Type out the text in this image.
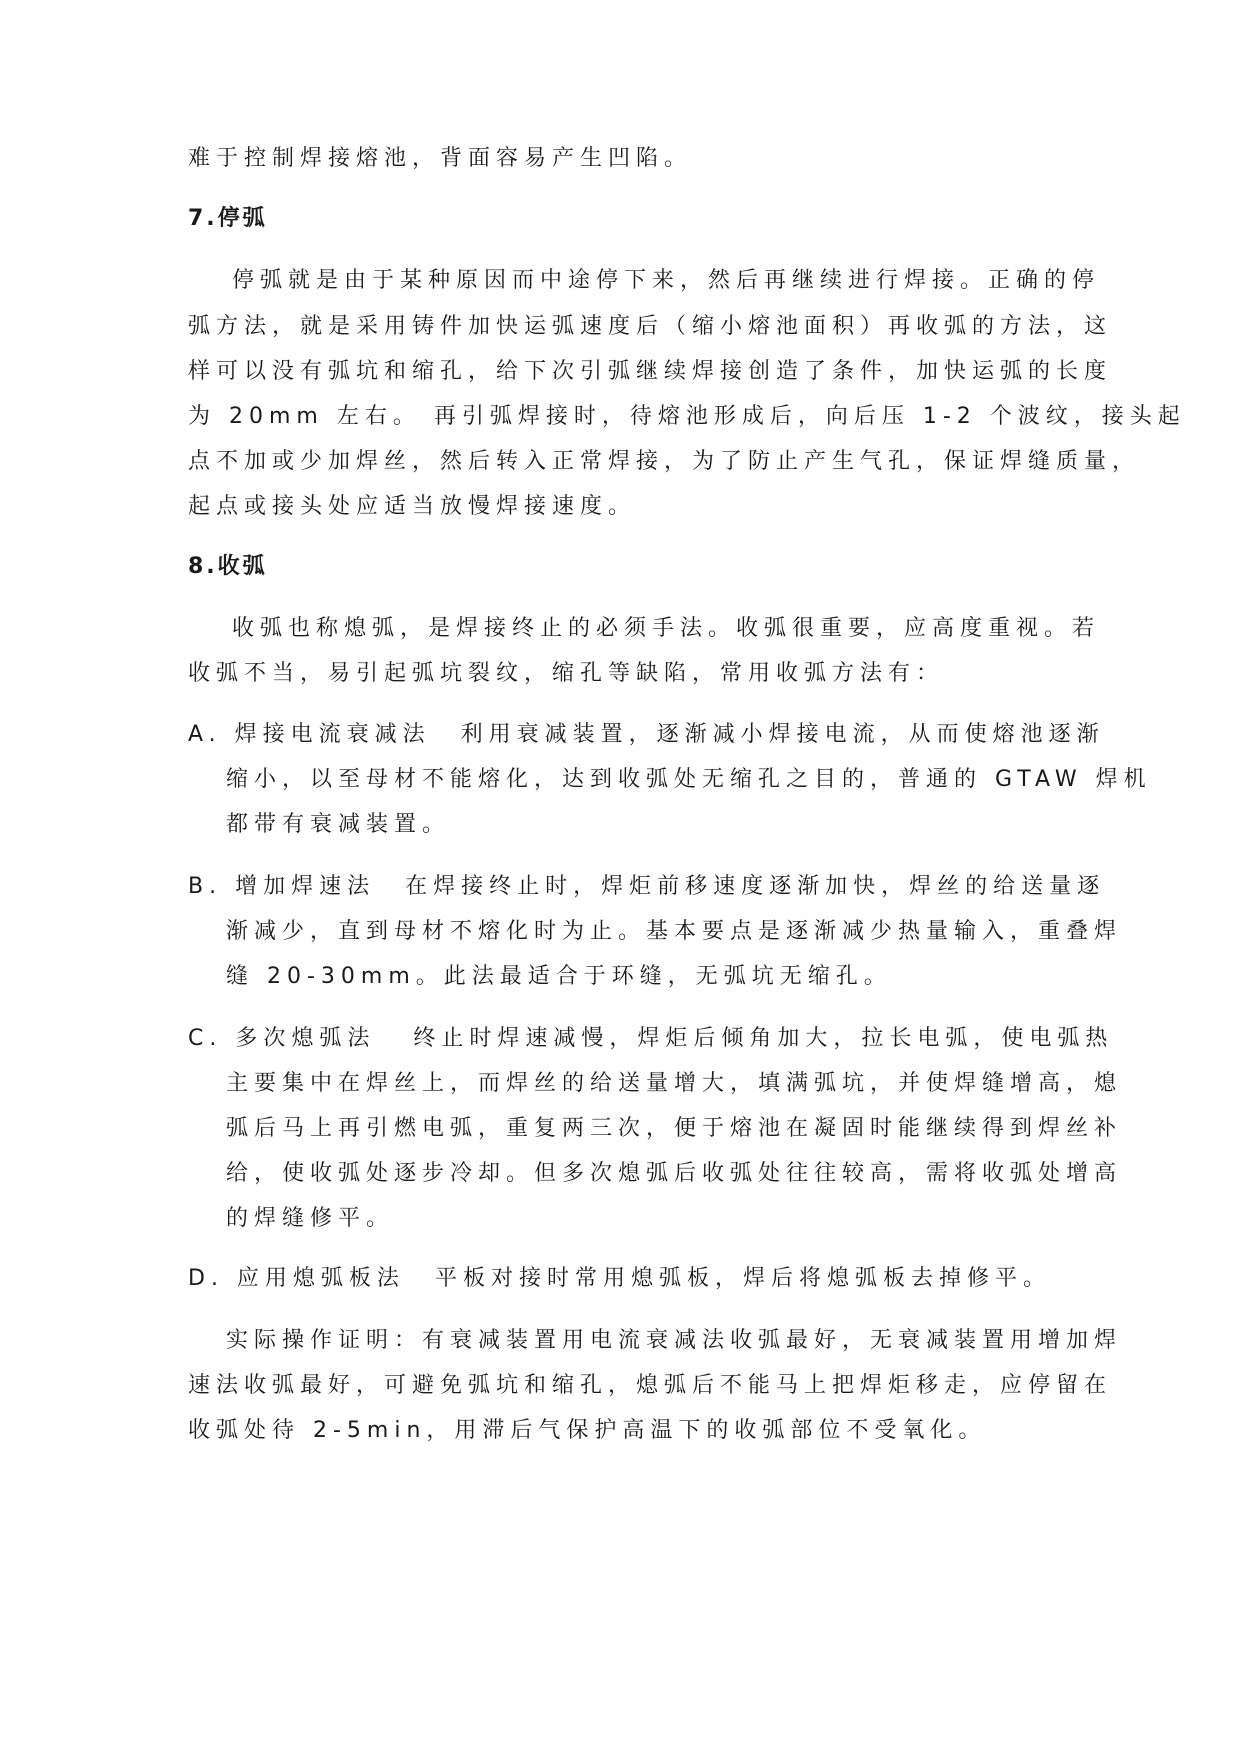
难于控制焊接熔池，背面容易产生凹陷。
7.停弧
停弧就是由于某种原因而中途停下来，然后再继续进行焊接。正确的停
弧方法，就是采用铸件加快运弧速度后（缩小熔池面积）再收弧的方法，这
样可以没有弧坑和缩孔，给下次引弧继续焊接创造了条件，加快运弧的长度
为 20mm 左右。 再引弧焊接时，待熔池形成后，向后压 1-2 个波纹，接头起
点不加或少加焊丝，然后转入正常焊接，为了防止产生气孔，保证焊缝质量，
起点或接头处应适当放慢焊接速度。
8.收弧
收弧也称熄弧，是焊接终止的必须手法。收弧很重要，应高度重视。若
收弧不当，易引起弧坑裂纹，缩孔等缺陷，常用收弧方法有：
A. 焊接电流衰减法 利用衰减装置，逐渐减小焊接电流，从而使熔池逐渐
缩小，以至母材不能熔化，达到收弧处无缩孔之目的，普通的 GTAW 焊机
都带有衰减装置。
B. 增加焊速法 在焊接终止时，焊炬前移速度逐渐加快，焊丝的给送量逐
渐减少，直到母材不熔化时为止。基本要点是逐渐减少热量输入，重叠焊
缝 20-30mm。此法最适合于环缝，无弧坑无缩孔。
C. 多次熄弧法 终止时焊速减慢，焊炬后倾角加大，拉长电弧，使电弧热
主要集中在焊丝上，而焊丝的给送量增大，填满弧坑，并使焊缝增高，熄
弧后马上再引燃电弧，重复两三次，便于熔池在凝固时能继续得到焊丝补
给，使收弧处逐步冷却。但多次熄弧后收弧处往往较高，需将收弧处增高
的焊缝修平。
D. 应用熄弧板法 平板对接时常用熄弧板，焊后将熄弧板去掉修平。
实际操作证明：有衰减装置用电流衰减法收弧最好，无衰减装置用增加焊
速法收弧最好，可避免弧坑和缩孔，熄弧后不能马上把焊炬移走，应停留在
收弧处待 2-5min，用滞后气保护高温下的收弧部位不受氧化。
